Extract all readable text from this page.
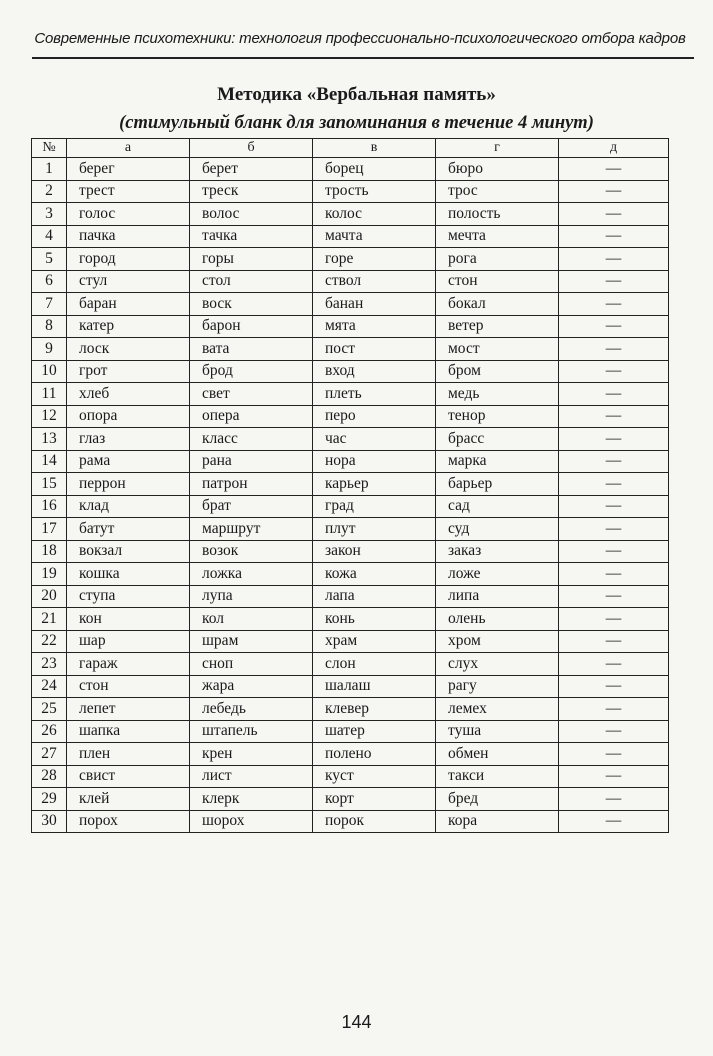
Современные психотехники: технология профессионально-психологического отбора кадров
Методика «Вербальная память»
(стимульный бланк для запоминания в течение 4 минут)
№	а	б	в	г	д
1	берег	берет	борец	бюро	—
2	трест	треск	трость	трос	—
3	голос	волос	колос	полость	—
4	пачка	тачка	мачта	мечта	—
5	город	горы	горе	рога	—
6	стул	стол	ствол	стон	—
7	баран	воск	банан	бокал	—
8	катер	барон	мята	ветер	—
9	лоск	вата	пост	мост	—
10	грот	брод	вход	бром	—
11	хлеб	свет	плеть	медь	—
12	опора	опера	перо	тенор	—
13	глаз	класс	час	брасс	—
14	рама	рана	нора	марка	—
15	перрон	патрон	карьер	барьер	—
16	клад	брат	град	сад	—
17	батут	маршрут	плут	суд	—
18	вокзал	возок	закон	заказ	—
19	кошка	ложка	кожа	ложе	—
20	ступа	лупа	лапа	липа	—
21	кон	кол	конь	олень	—
22	шар	шрам	храм	хром	—
23	гараж	сноп	слон	слух	—
24	стон	жара	шалаш	рагу	—
25	лепет	лебедь	клевер	лемех	—
26	шапка	штапель	шатер	туша	—
27	плен	крен	полено	обмен	—
28	свист	лист	куст	такси	—
29	клей	клерк	корт	бред	—
30	порох	шорох	порок	кора	—
144
